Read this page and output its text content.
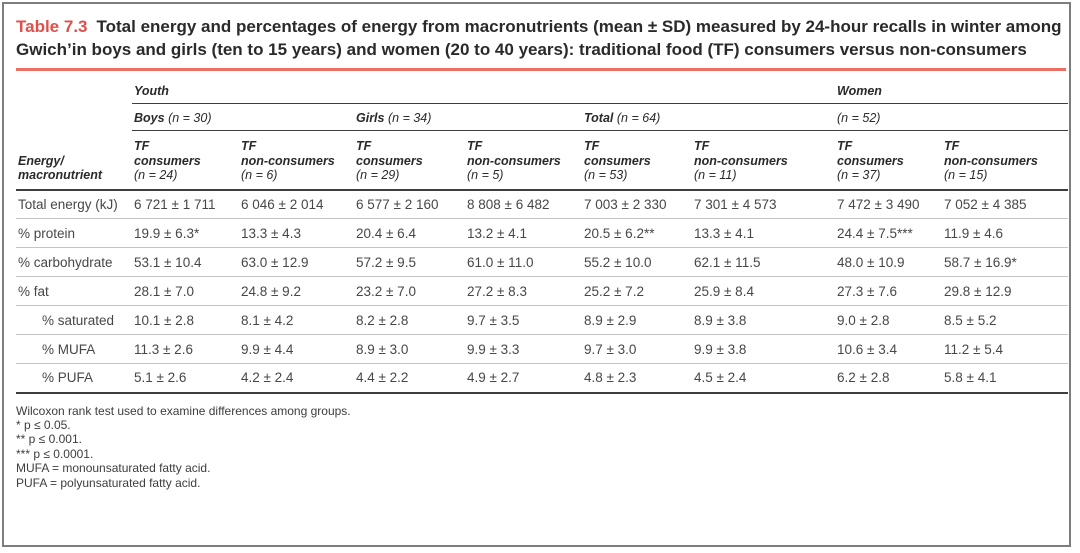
Table 7.3 Total energy and percentages of energy from macronutrients (mean ± SD) measured by 24-hour recalls in winter among Gwich’in boys and girls (ten to 15 years) and women (20 to 40 years): traditional food (TF) consumers versus non-consumers

	Youth						Women	
	Boys (n = 30)		Girls (n = 34)		Total (n = 64)		(n = 52)	

Energy/
macronutrient	TF
consumers
(n = 24)	TF
non-consumers
(n = 6)	TF
consumers
(n = 29)	TF
non-consumers
(n = 5)	TF
consumers
(n = 53)	TF
non-consumers
(n = 11)	TF
consumers
(n = 37)	TF
non-consumers
(n = 15)

Total energy (kJ)	6 721 ± 1 711	6 046 ± 2 014	6 577 ± 2 160	8 808 ± 6 482	7 003 ± 2 330	7 301 ± 4 573	7 472 ± 3 490	7 052 ± 4 385
% protein	19.9 ± 6.3*	13.3 ± 4.3	20.4 ± 6.4	13.2 ± 4.1	20.5 ± 6.2**	13.3 ± 4.1	24.4 ± 7.5***	11.9 ± 4.6
% carbohydrate	53.1 ± 10.4	63.0 ± 12.9	57.2 ± 9.5	61.0 ± 11.0	55.2 ± 10.0	62.1 ± 11.5	48.0 ± 10.9	58.7 ± 16.9*
% fat	28.1 ± 7.0	24.8 ± 9.2	23.2 ± 7.0	27.2 ± 8.3	25.2 ± 7.2	25.9 ± 8.4	27.3 ± 7.6	29.8 ± 12.9
% saturated	10.1 ± 2.8	8.1 ± 4.2	8.2 ± 2.8	9.7 ± 3.5	8.9 ± 2.9	8.9 ± 3.8	9.0 ± 2.8	8.5 ± 5.2
% MUFA	11.3 ± 2.6	9.9 ± 4.4	8.9 ± 3.0	9.9 ± 3.3	9.7 ± 3.0	9.9 ± 3.8	10.6 ± 3.4	11.2 ± 5.4
% PUFA	5.1 ± 2.6	4.2 ± 2.4	4.4 ± 2.2	4.9 ± 2.7	4.8 ± 2.3	4.5 ± 2.4	6.2 ± 2.8	5.8 ± 4.1
Wilcoxon rank test used to examine differences among groups.
* p ≤ 0.05.
** p ≤ 0.001.
*** p ≤ 0.0001.
MUFA = monounsaturated fatty acid.
PUFA = polyunsaturated fatty acid.
